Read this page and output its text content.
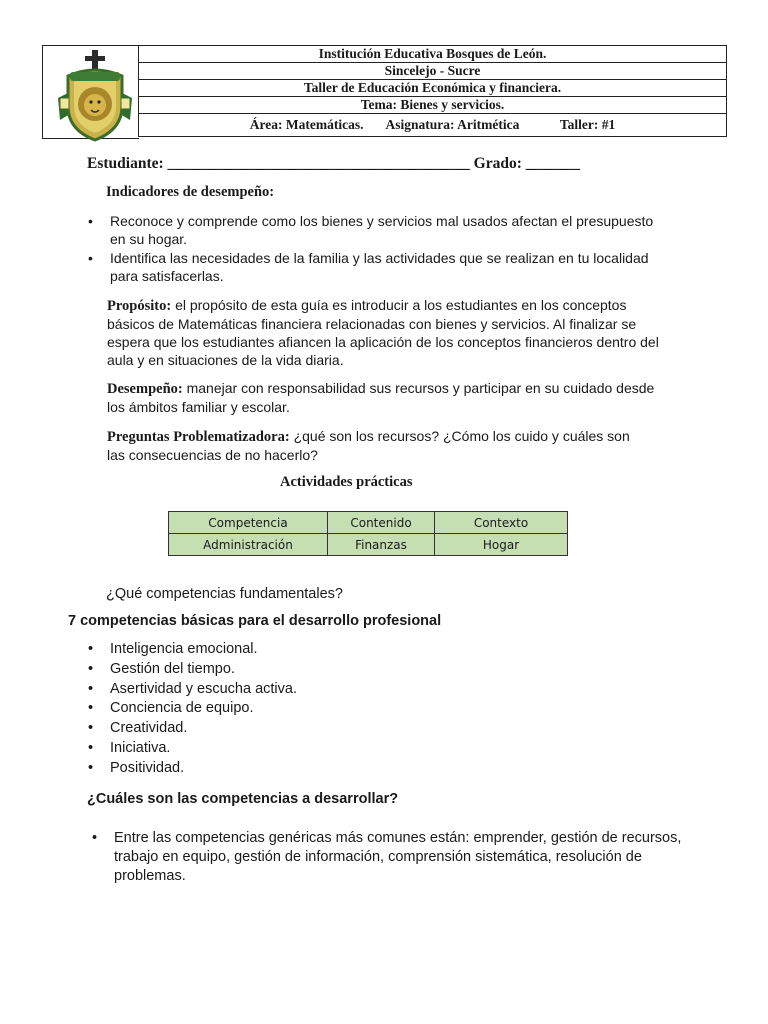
Institución Educativa Bosques de León.
Sincelejo - Sucre
Taller de Educación Económica y financiera.
Tema: Bienes y servicios.
Área: Matemáticas. Asignatura: Aritmética	Taller: #1
Estudiante: _______________________________________ Grado: _______
Indicadores de desempeño:
• Reconoce y comprende como los bienes y servicios mal usados afectan el presupuesto
en su hogar.
• Identifica las necesidades de la familia y las actividades que se realizan en tu localidad
para satisfacerlas.
Propósito: el propósito de esta guía es introducir a los estudiantes en los conceptos
básicos de Matemáticas financiera relacionadas con bienes y servicios. Al finalizar se
espera que los estudiantes afiancen la aplicación de los conceptos financieros dentro del
aula y en situaciones de la vida diaria.
Desempeño: manejar con responsabilidad sus recursos y participar en su cuidado desde
los ámbitos familiar y escolar.
Preguntas Problematizadora: ¿qué son los recursos? ¿Cómo los cuido y cuáles son
las consecuencias de no hacerlo?
Actividades prácticas
Competencia	Contenido	Contexto
Administración	Finanzas	Hogar
¿Qué competencias fundamentales?
7 competencias básicas para el desarrollo profesional
• Inteligencia emocional.
• Gestión del tiempo.
• Asertividad y escucha activa.
• Conciencia de equipo.
• Creatividad.
• Iniciativa.
• Positividad.
¿Cuáles son las competencias a desarrollar?
• Entre las competencias genéricas más comunes están: emprender, gestión de recursos,
trabajo en equipo, gestión de información, comprensión sistemática, resolución de
problemas.
